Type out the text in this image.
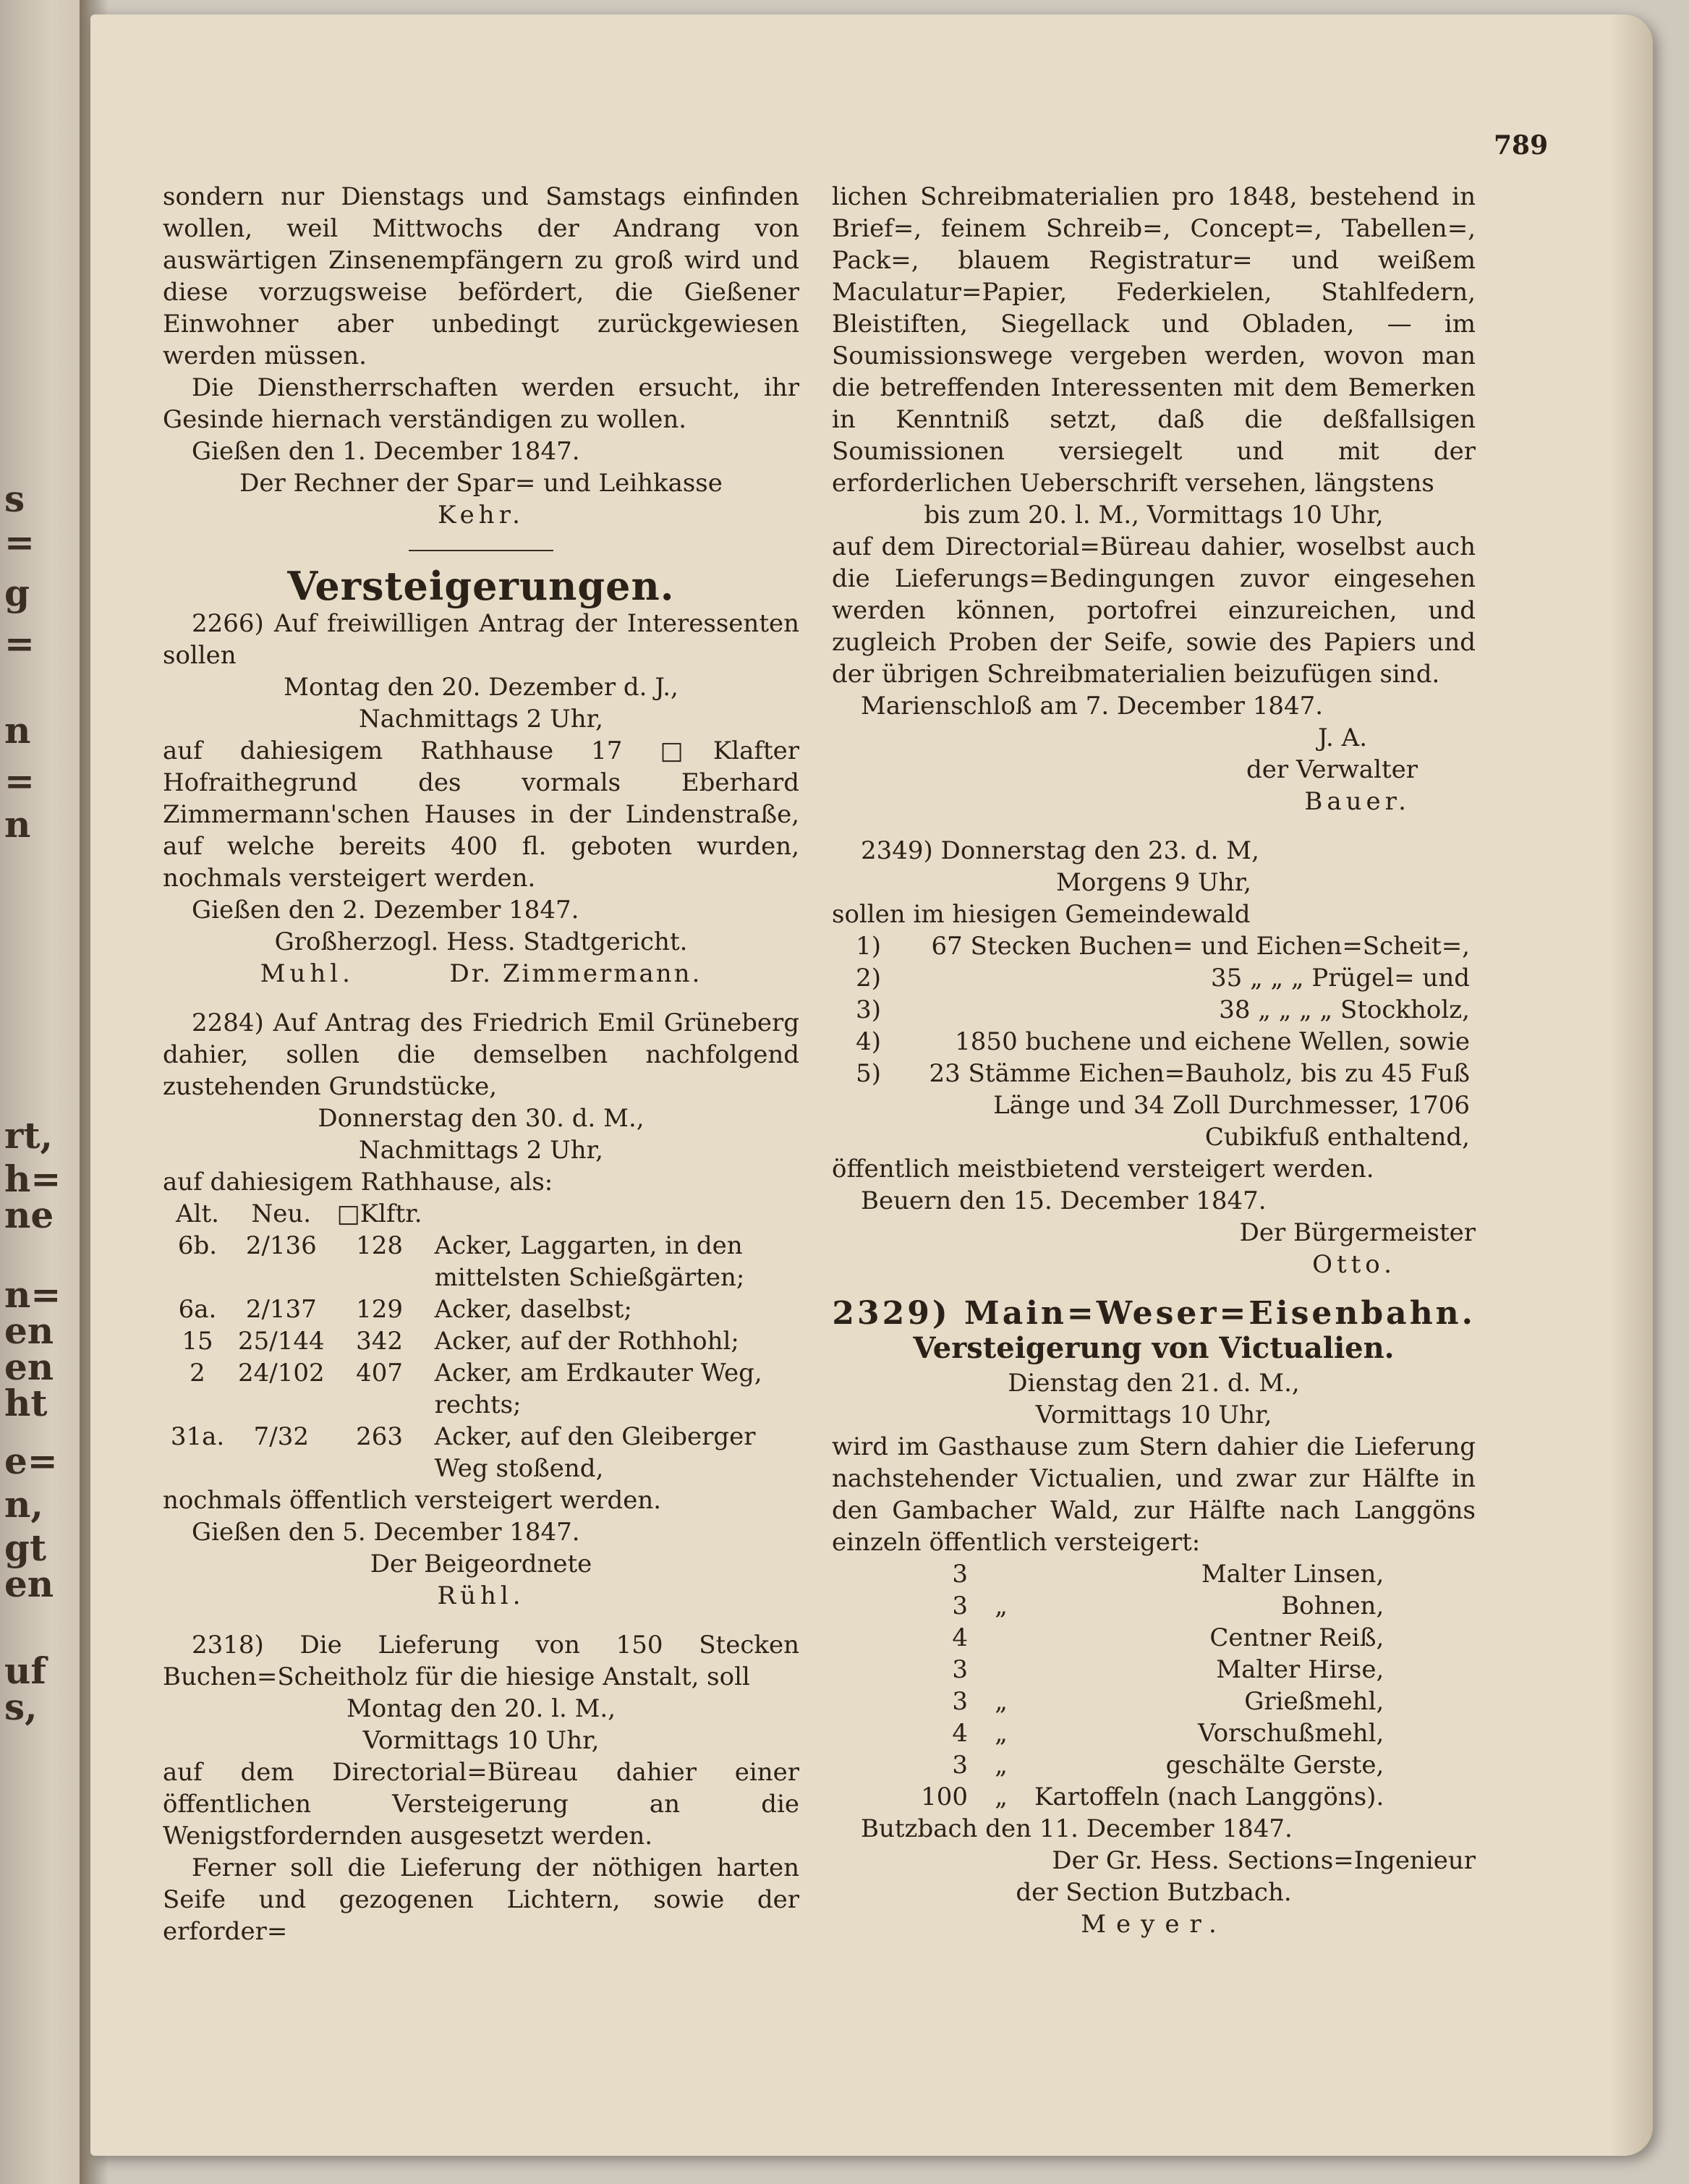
s
=
g
=
n
=
n
rt,
h=
ne
n=
en
en
ht
e=
n,
gt
en
uf
s,
789

sondern nur Dienstags und Samstags einfinden wollen, weil Mittwochs der Andrang von auswärtigen Zinsenempfängern zu groß wird und diese vorzugsweise befördert, die Gießener Einwohner aber unbedingt zurückgewiesen werden müssen.

Die Dienstherrschaften werden ersucht, ihr Gesinde hiernach verständigen zu wollen.

Gießen den 1. December 1847.

Der Rechner der Spar= und Leihkasse

Kehr.

Versteigerungen.

2266) Auf freiwilligen Antrag der Interessenten sollen

Montag den 20. Dezember d. J.,

Nachmittags 2 Uhr,

auf dahiesigem Rathhause 17 □Klafter Hofraithegrund des vormals Eberhard Zimmermann'schen Hauses in der Lindenstraße, auf welche bereits 400 fl. geboten wurden, nochmals versteigert werden.

Gießen den 2. Dezember 1847.

Großherzogl. Hess. Stadtgericht.

Muhl.	Dr. Zimmermann.

2284) Auf Antrag des Friedrich Emil Grüneberg dahier, sollen die demselben nachfolgend zustehenden Grundstücke,

Donnerstag den 30. d. M.,

Nachmittags 2 Uhr,

auf dahiesigem Rathhause, als:

Alt.	Neu.	□Klftr.	
6b.	2/136	128	Acker, Laggarten, in den mittelsten Schießgärten;
6a.	2/137	129	Acker, daselbst;
15	25/144	342	Acker, auf der Rothhohl;
2	24/102	407	Acker, am Erdkauter Weg, rechts;
31a.	7/32	263	Acker, auf den Gleiberger Weg stoßend,

nochmals öffentlich versteigert werden.

Gießen den 5. December 1847.

Der Beigeordnete

Rühl.

2318) Die Lieferung von 150 Stecken Buchen=Scheitholz für die hiesige Anstalt, soll

Montag den 20. l. M.,

Vormittags 10 Uhr,

auf dem Directorial=Büreau dahier einer öffentlichen Versteigerung an die Wenigstfordernden ausgesetzt werden.

Ferner soll die Lieferung der nöthigen harten Seife und gezogenen Lichtern, sowie der erforder=

lichen Schreibmaterialien pro 1848, bestehend in Brief=, feinem Schreib=, Concept=, Tabellen=, Pack=, blauem Registratur= und weißem Maculatur=Papier, Federkielen, Stahlfedern, Bleistiften, Siegellack und Obladen, — im Soumissionswege vergeben werden, wovon man die betreffenden Interessenten mit dem Bemerken in Kenntniß setzt, daß die deßfallsigen Soumissionen versiegelt und mit der erforderlichen Ueberschrift versehen, längstens

bis zum 20. l. M., Vormittags 10 Uhr,

auf dem Directorial=Büreau dahier, woselbst auch die Lieferungs=Bedingungen zuvor eingesehen werden können, portofrei einzureichen, und zugleich Proben der Seife, sowie des Papiers und der übrigen Schreibmaterialien beizufügen sind.

Marienschloß am 7. December 1847.

J. A.

der Verwalter

Bauer.

2349) Donnerstag den 23. d. M,

Morgens 9 Uhr,

sollen im hiesigen Gemeindewald

1)	67 Stecken Buchen= und Eichen=Scheit=,
2)	35 „ „ „ Prügel= und
3)	38 „ „ „ „ Stockholz,
4)	1850 buchene und eichene Wellen, sowie
5)	23 Stämme Eichen=Bauholz, bis zu 45 Fuß Länge und 34 Zoll Durchmesser, 1706 Cubikfuß enthaltend,

öffentlich meistbietend versteigert werden.

Beuern den 15. December 1847.

Der Bürgermeister

Otto.

2329) Main=Weser=Eisenbahn.
Versteigerung von Victualien.

Dienstag den 21. d. M.,

Vormittags 10 Uhr,

wird im Gasthause zum Stern dahier die Lieferung nachstehender Victualien, und zwar zur Hälfte in den Gambacher Wald, zur Hälfte nach Langgöns einzeln öffentlich versteigert:

3		Malter Linsen,
3	„	Bohnen,
4		Centner Reiß,
3		Malter Hirse,
3	„	Grießmehl,
4	„	Vorschußmehl,
3	„	geschälte Gerste,
100	„	Kartoffeln (nach Langgöns).

Butzbach den 11. December 1847.

Der Gr. Hess. Sections=Ingenieur

der Section Butzbach.

Meyer.
